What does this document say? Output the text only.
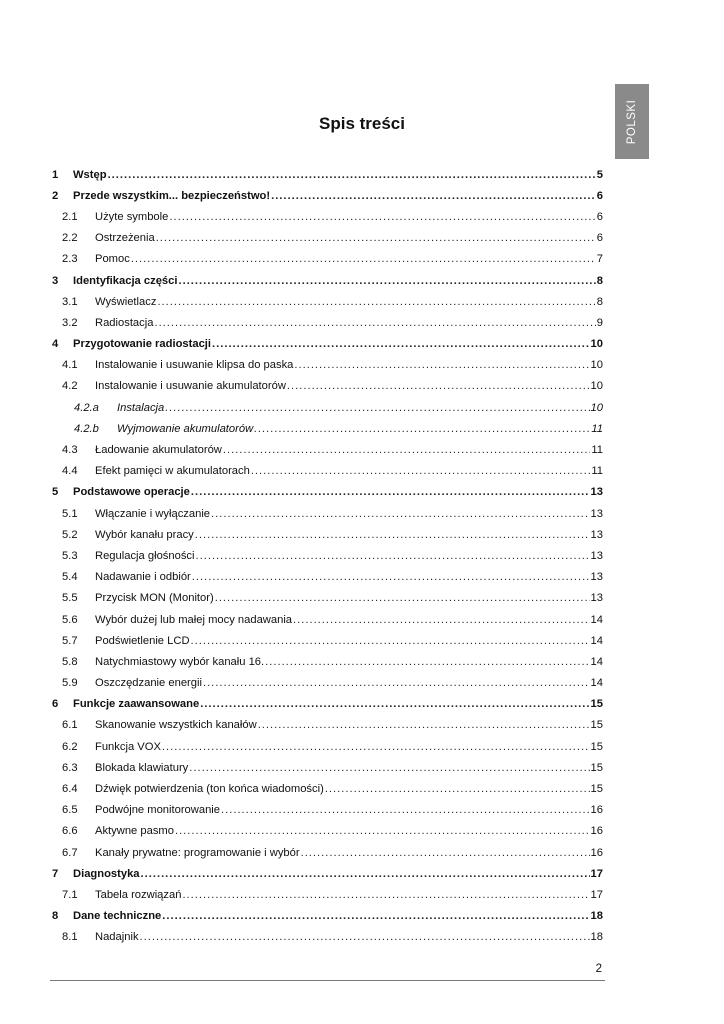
POLSKI
Spis treści
1	Wstęp .....	5
2	Przede wszystkim... bezpieczeństwo! .....	6
2.1	Użyte symbole .....	6
2.2	Ostrzeżenia .....	6
2.3	Pomoc .....	7
3	Identyfikacja części .....	8
3.1	Wyświetlacz .....	8
3.2	Radiostacja .....	9
4	Przygotowanie radiostacji .....	10
4.1	Instalowanie i usuwanie klipsa do paska .....	10
4.2	Instalowanie i usuwanie akumulatorów .....	10
4.2.a	Instalacja .....	10
4.2.b	Wyjmowanie akumulatorów .....	11
4.3	Ładowanie akumulatorów .....	11
4.4	Efekt pamięci w akumulatorach .....	11
5	Podstawowe operacje .....	13
5.1	Włączanie i wyłączanie .....	13
5.2	Wybór kanału pracy .....	13
5.3	Regulacja głośności .....	13
5.4	Nadawanie i odbiór .....	13
5.5	Przycisk MON (Monitor) .....	13
5.6	Wybór dużej lub małej mocy nadawania .....	14
5.7	Podświetlenie LCD .....	14
5.8	Natychmiastowy wybór kanału 16. .....	14
5.9	Oszczędzanie energii .....	14
6	Funkcje zaawansowane .....	15
6.1	Skanowanie wszystkich kanałów .....	15
6.2	Funkcja VOX .....	15
6.3	Blokada klawiatury .....	15
6.4	Dźwięk potwierdzenia (ton końca wiadomości) .....	15
6.5	Podwójne monitorowanie .....	16
6.6	Aktywne pasmo .....	16
6.7	Kanały prywatne: programowanie i wybór .....	16
7	Diagnostyka .....	17
7.1	Tabela rozwiązań .....	17
8	Dane techniczne .....	18
8.1	Nadajnik .....	18
2
